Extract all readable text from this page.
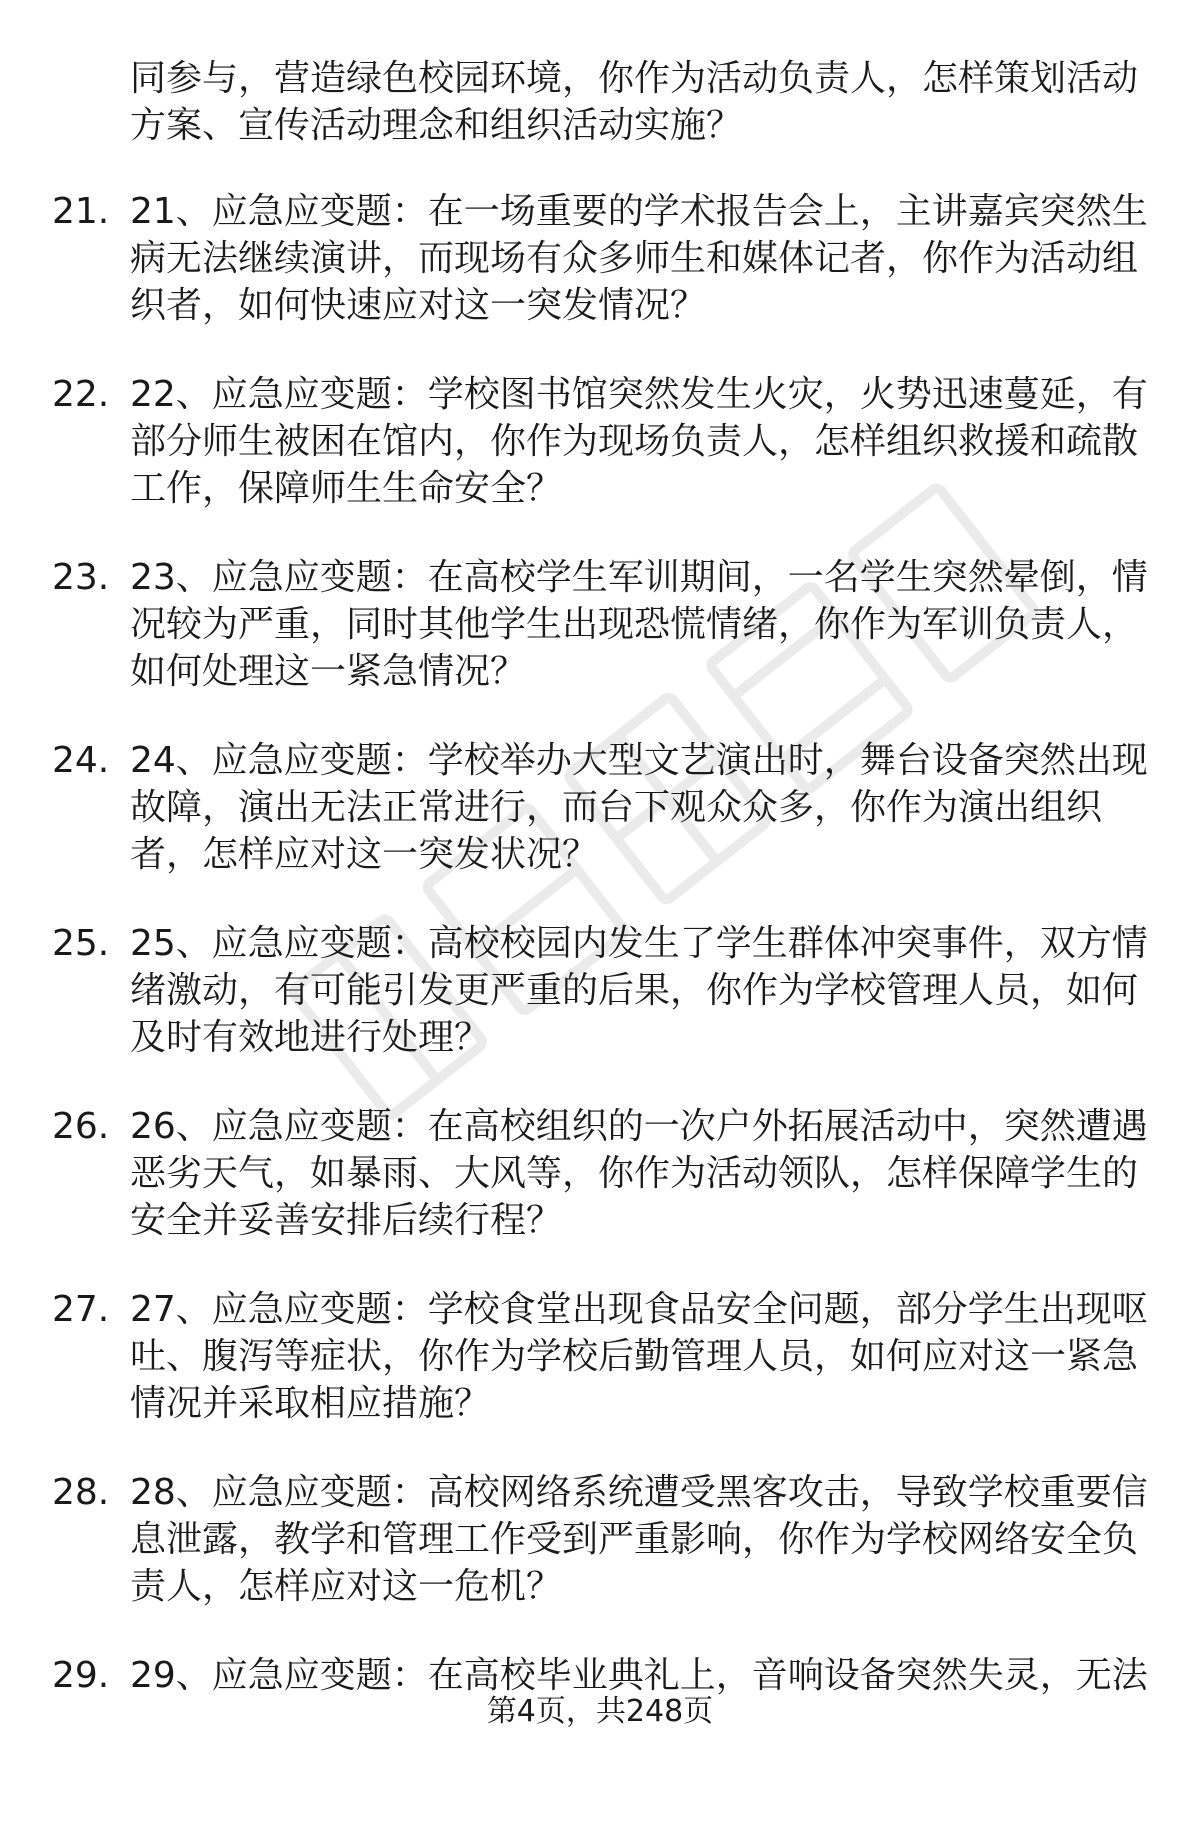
同参与，营造绿色校园环境，你作为活动负责人，怎样策划活动方案、宣传活动理念和组织活动实施？

21. 21、应急应变题：在一场重要的学术报告会上，主讲嘉宾突然生病无法继续演讲，而现场有众多师生和媒体记者，你作为活动组织者，如何快速应对这一突发情况？

22. 22、应急应变题：学校图书馆突然发生火灾，火势迅速蔓延，有部分师生被困在馆内，你作为现场负责人，怎样组织救援和疏散工作，保障师生生命安全？

23. 23、应急应变题：在高校学生军训期间，一名学生突然晕倒，情况较为严重，同时其他学生出现恐慌情绪，你作为军训负责人，如何处理这一紧急情况？

24. 24、应急应变题：学校举办大型文艺演出时，舞台设备突然出现故障，演出无法正常进行，而台下观众众多，你作为演出组织者，怎样应对这一突发状况？

25. 25、应急应变题：高校校园内发生了学生群体冲突事件，双方情绪激动，有可能引发更严重的后果，你作为学校管理人员，如何及时有效地进行处理？

26. 26、应急应变题：在高校组织的一次户外拓展活动中，突然遭遇恶劣天气，如暴雨、大风等，你作为活动领队，怎样保障学生的安全并妥善安排后续行程？

27. 27、应急应变题：学校食堂出现食品安全问题，部分学生出现呕吐、腹泻等症状，你作为学校后勤管理人员，如何应对这一紧急情况并采取相应措施？

28. 28、应急应变题：高校网络系统遭受黑客攻击，导致学校重要信息泄露，教学和管理工作受到严重影响，你作为学校网络安全负责人，怎样应对这一危机？

29. 29、应急应变题：在高校毕业典礼上，音响设备突然失灵，无法

第4页，共248页
